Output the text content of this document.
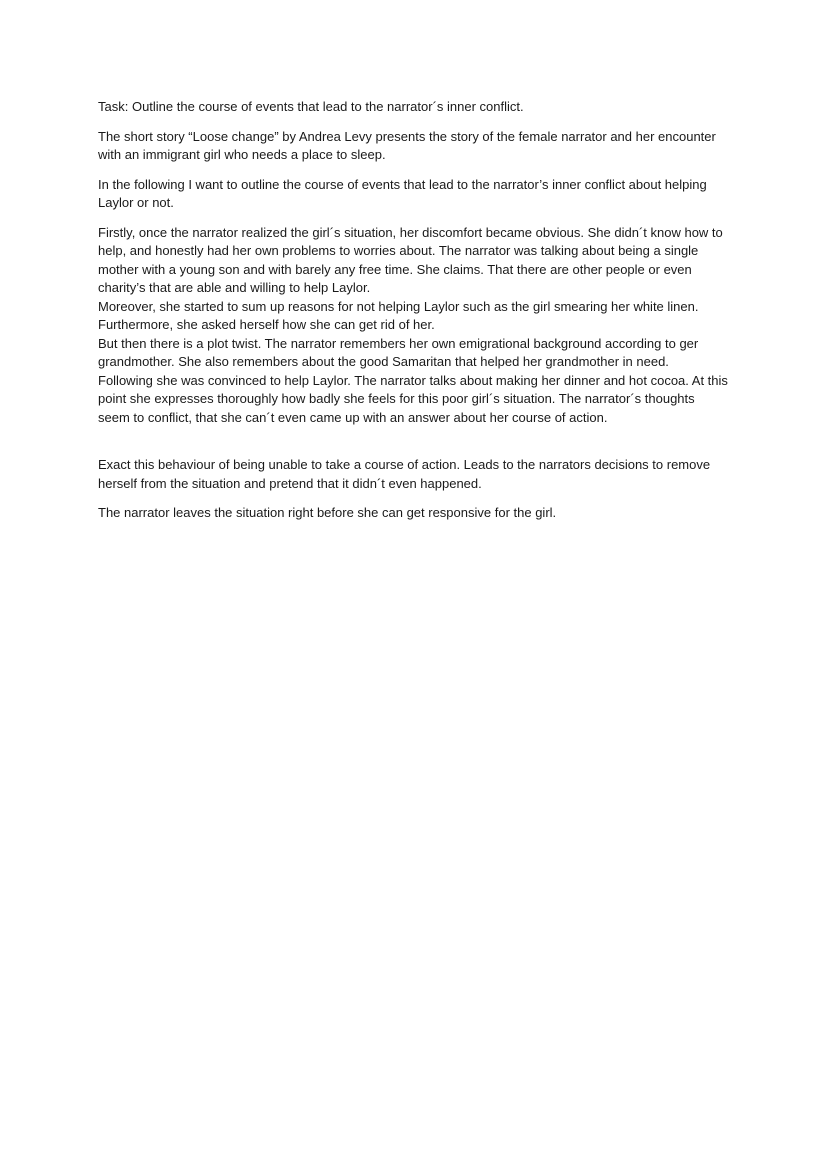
Task: Outline the course of events that lead to the narrator´s inner conflict.

The short story “Loose change” by Andrea Levy presents the story of the female narrator and her encounter with an immigrant girl who needs a place to sleep.

In the following I want to outline the course of events that lead to the narrator’s inner conflict about helping Laylor or not.

Firstly, once the narrator realized the girl´s situation, her discomfort became obvious. She didn´t know how to help, and honestly had her own problems to worries about. The narrator was talking about being a single mother with a young son and with barely any free time. She claims. That there are other people or even charity’s that are able and willing to help Laylor.

Moreover, she started to sum up reasons for not helping Laylor such as the girl smearing her white linen. Furthermore, she asked herself how she can get rid of her.

But then there is a plot twist. The narrator remembers her own emigrational background according to ger grandmother. She also remembers about the good Samaritan that helped her grandmother in need.

Following she was convinced to help Laylor. The narrator talks about making her dinner and hot cocoa. At this point she expresses thoroughly how badly she feels for this poor girl´s situation. The narrator´s thoughts seem to conflict, that she can´t even came up with an answer about her course of action.

Exact this behaviour of being unable to take a course of action. Leads to the narrators decisions to remove herself from the situation and pretend that it didn´t even happened.

The narrator leaves the situation right before she can get responsive for the girl.
